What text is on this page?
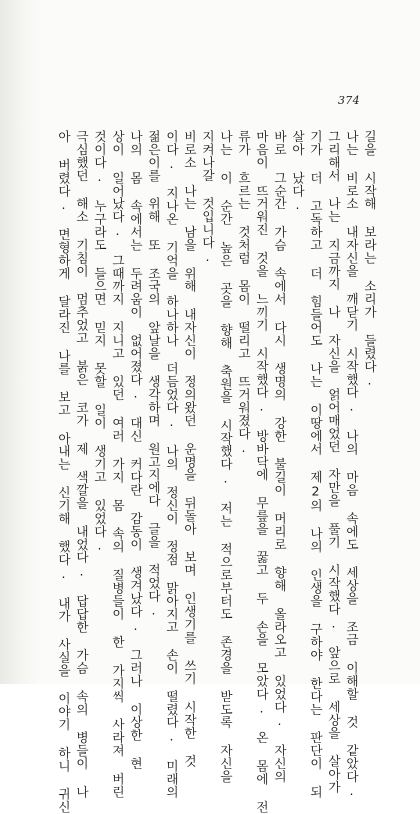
374
길을 시작해 보라는 소리가 들렸다.
나는 비로소 내자신을 깨닫기 시작했다. 나의 마음 속에도 세상을 조금 이해할 것 같았다.
그리해서 나는 지금까지 나 자신을 얽어매었던 자만을 풀기 시작했다. 앞으로 세상을 살아가
기가 더 고독하고 더 힘들어도 나는 이땅에서 제2의 나의 인생을 구하야 한다는 판단이 되
살아 났다.
바로 그순간 가슴 속에서 다시 생명의 강한 불길이 머리로 향해 올라오고 있었다. 자신의
마음이 뜨거워진 것을 느끼기 시작했다. 방바닥에 무릎을 꿇고 두 손을 모았다. 온 몸에 전
류가 흐르는 것처럼 몸이 떨리고 뜨거워졌다.
나는 이 순간 높은 곳을 향해 축원을 시작했다. 저는 적으로부터도 존경을 받도록 자신을
지켜나갈 것입니다.
비로소 나는 남을 위해 내자신이 정의왔던 운명을 뒤돌아 보며 인생기를 쓰기 시작한 것
이다. 지나온 기억을 하나하나 더듬었다. 나의 정신이 정점 맑아지고 손이 떨렸다. 미래의
젊은이를 위해 또 조국의 앞날을 생각하며 원고지에다 글을 적었다.
나의 몸 속에서는 두려움이 없어졌다. 대신 커다란 감동이 생겨났다. 그러나 이상한 현
상이 일어났다. 그때까지 지니고 있던 여러 가지 몸 속의 질병들이 한 가지씩 사라져 버린
것이다. 누구라도 들으면 믿지 못할 일이 생기고 있었다.
극심했던 해소 기침이 멈추었고 붉은 코가 제 색깔을 내었다. 답답한 가슴 속의 병들이 나
아 버렸다. 면형하게 달라진 나를 보고 아내는 신기해 했다. 내가 사실을 이야기 하니 귀신
